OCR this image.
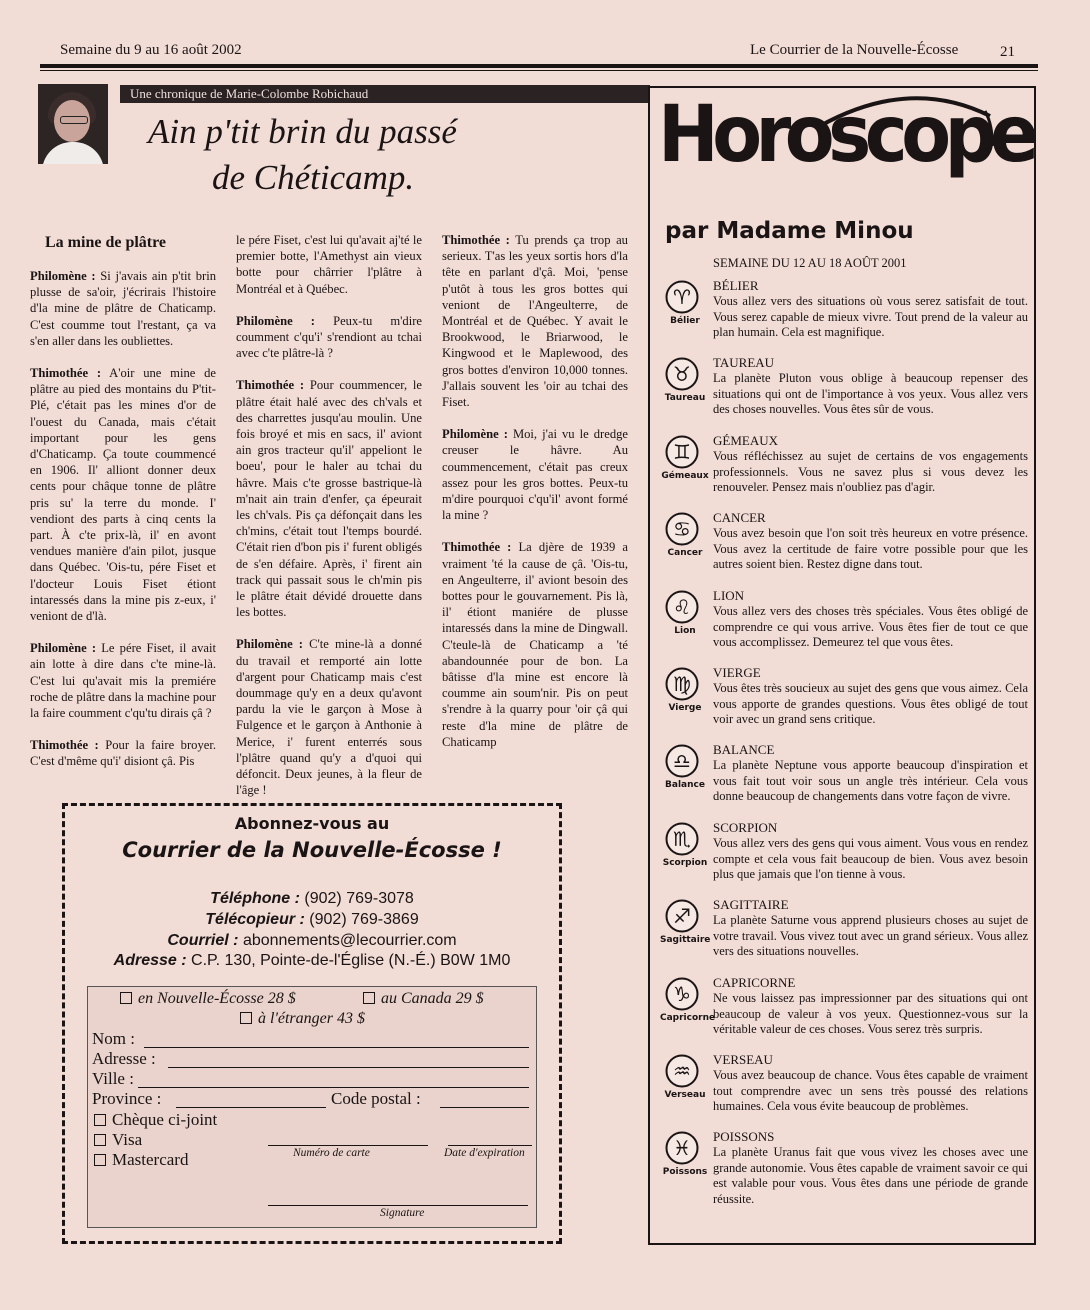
Semaine du 9 au 16 août 2002	Le Courrier de la Nouvelle-Écosse	21
Une chronique de Marie-Colombe Robichaud
Ain p'tit brin du passé
de Chéticamp.
La mine de plâtre

Philomène : Si j'avais ain p'tit brin plusse de sa'oir, j'écrirais l'histoire d'la mine de plâtre de Chaticamp. C'est coumme tout l'restant, ça va s'en aller dans les oubliettes.

Thimothée : A'oir une mine de plâtre au pied des montains du P'tit-Plé, c'était pas les mines d'or de l'ouest du Canada, mais c'était important pour les gens d'Chaticamp. Ça toute coummencé en 1906. Il' alliont donner deux cents pour châque tonne de plâtre pris su' la terre du monde. I' vendiont des parts à cinq cents la part. À c'te prix-là, il' en avont vendues manière d'ain pilot, jusque dans Québec. 'Ois-tu, pére Fiset et l'docteur Louis Fiset étiont intaressés dans la mine pis z-eux, i' veniont de d'là.

Philomène : Le pére Fiset, il avait ain lotte à dire dans c'te mine-là. C'est lui qu'avait mis la premiére roche de plâtre dans la machine pour la faire coumment c'qu'tu dirais çâ ?

Thimothée : Pour la faire broyer. C'est d'même qu'i' disiont çâ. Pis

le pére Fiset, c'est lui qu'avait aj'té le premier botte, l'Amethyst ain vieux botte pour chârrier l'plâtre à Montréal et à Québec.

Philomène : Peux-tu m'dire coumment c'qu'i' s'rendiont au tchai avec c'te plâtre-là ?

Thimothée : Pour coummencer, le plâtre était halé avec des ch'vals et des charrettes jusqu'au moulin. Une fois broyé et mis en sacs, il' aviont ain gros tracteur qu'il' appeliont le boeu', pour le haler au tchai du hâvre. Mais c'te grosse bastrique-là m'nait ain train d'enfer, ça épeurait les ch'vals. Pis ça défonçait dans les ch'mins, c'était tout l'temps bourdé. C'était rien d'bon pis i' furent obligés de s'en défaire. Après, i' firent ain track qui passait sous le ch'min pis le plâtre était dévidé drouette dans les bottes.

Philomène : C'te mine-là a donné du travail et remporté ain lotte d'argent pour Chaticamp mais c'est doummage qu'y en a deux qu'avont pardu la vie le garçon à Mose à Fulgence et le garçon à Anthonie à Merice, i' furent enterrés sous l'plâtre quand qu'y a d'quoi qui défoncit. Deux jeunes, à la fleur de l'âge !

Thimothée : Tu prends ça trop au serieux. T'as les yeux sortis hors d'la tête en parlant d'çâ. Moi, 'pense p'utôt à tous les gros bottes qui veniont de l'Angeulterre, de Montréal et de Québec. Y avait le Brookwood, le Briarwood, le Kingwood et le Maplewood, des gros bottes d'environ 10,000 tonnes. J'allais souvent les 'oir au tchai des Fiset.

Philomène : Moi, j'ai vu le dredge creuser le hâvre. Au coummencement, c'était pas creux assez pour les gros bottes. Peux-tu m'dire pourquoi c'qu'il' avont formé la mine ?

Thimothée : La djère de 1939 a vraiment 'té la cause de çâ. 'Ois-tu, en Angeulterre, il' aviont besoin des bottes pour le gouvarnement. Pis là, il' étiont maniére de plusse intaressés dans la mine de Dingwall. C'teule-là de Chaticamp a 'té abandounnée pour de bon. La bâtisse d'la mine est encore là coumme ain soum'nir. Pis on peut s'rendre à la quarry pour 'oir çâ qui reste d'la mine de plâtre de Chaticamp

Abonnez-vous au
Courrier de la Nouvelle-Écosse !
Téléphone : (902) 769-3078
Télécopieur : (902) 769-3869
Courriel : abonnements@lecourrier.com
Adresse : C.P. 130, Pointe-de-l'Église (N.-É.) B0W 1M0
en Nouvelle-Écosse 28 $	au Canada 29 $
à l'étranger 43 $
Nom :
Adresse :
Ville :
Province :	Code postal :
Chèque ci-joint
Visa
Mastercard	Numéro de carte	Date d'expiration
Signature
Horoscope
par Madame Minou
SEMAINE DU 12 AU 18 AOÛT 2001
♈
Bélier
BÉLIER
Vous allez vers des situations où vous serez satisfait de tout. Vous serez capable de mieux vivre. Tout prend de la valeur au plan humain. Cela est magnifique.
♉
Taureau
TAUREAU
La planète Pluton vous oblige à beaucoup repenser des situations qui ont de l'importance à vos yeux. Vous allez vers des choses nouvelles. Vous êtes sûr de vous.
♊
Gémeaux
GÉMEAUX
Vous réfléchissez au sujet de certains de vos engagements professionnels. Vous ne savez plus si vous devez les renouveler. Pensez mais n'oubliez pas d'agir.
♋
Cancer
CANCER
Vous avez besoin que l'on soit très heureux en votre présence. Vous avez la certitude de faire votre possible pour que les autres soient bien. Restez digne dans tout.
♌
Lion
LION
Vous allez vers des choses très spéciales. Vous êtes obligé de comprendre ce qui vous arrive. Vous êtes fier de tout ce que vous accomplissez. Demeurez tel que vous êtes.
♍
Vierge
VIERGE
Vous êtes très soucieux au sujet des gens que vous aimez. Cela vous apporte de grandes questions. Vous êtes obligé de tout voir avec un grand sens critique.
♎
Balance
BALANCE
La planète Neptune vous apporte beaucoup d'inspiration et vous fait tout voir sous un angle très intérieur. Cela vous donne beaucoup de changements dans votre façon de vivre.
♏
Scorpion
SCORPION
Vous allez vers des gens qui vous aiment. Vous vous en rendez compte et cela vous fait beaucoup de bien. Vous avez besoin plus que jamais que l'on tienne à vous.
♐
Sagittaire
SAGITTAIRE
La planète Saturne vous apprend plusieurs choses au sujet de votre travail. Vous vivez tout avec un grand sérieux. Vous allez vers des situations nouvelles.
♑
Capricorne
CAPRICORNE
Ne vous laissez pas impressionner par des situations qui ont beaucoup de valeur à vos yeux. Questionnez-vous sur la véritable valeur de ces choses. Vous serez très surpris.
♒
Verseau
VERSEAU
Vous avez beaucoup de chance. Vous êtes capable de vraiment tout comprendre avec un sens très poussé des relations humaines. Cela vous évite beaucoup de problèmes.
♓
Poissons
POISSONS
La planète Uranus fait que vous vivez les choses avec une grande autonomie. Vous êtes capable de vraiment savoir ce qui est valable pour vous. Vous êtes dans une période de grande réussite.
